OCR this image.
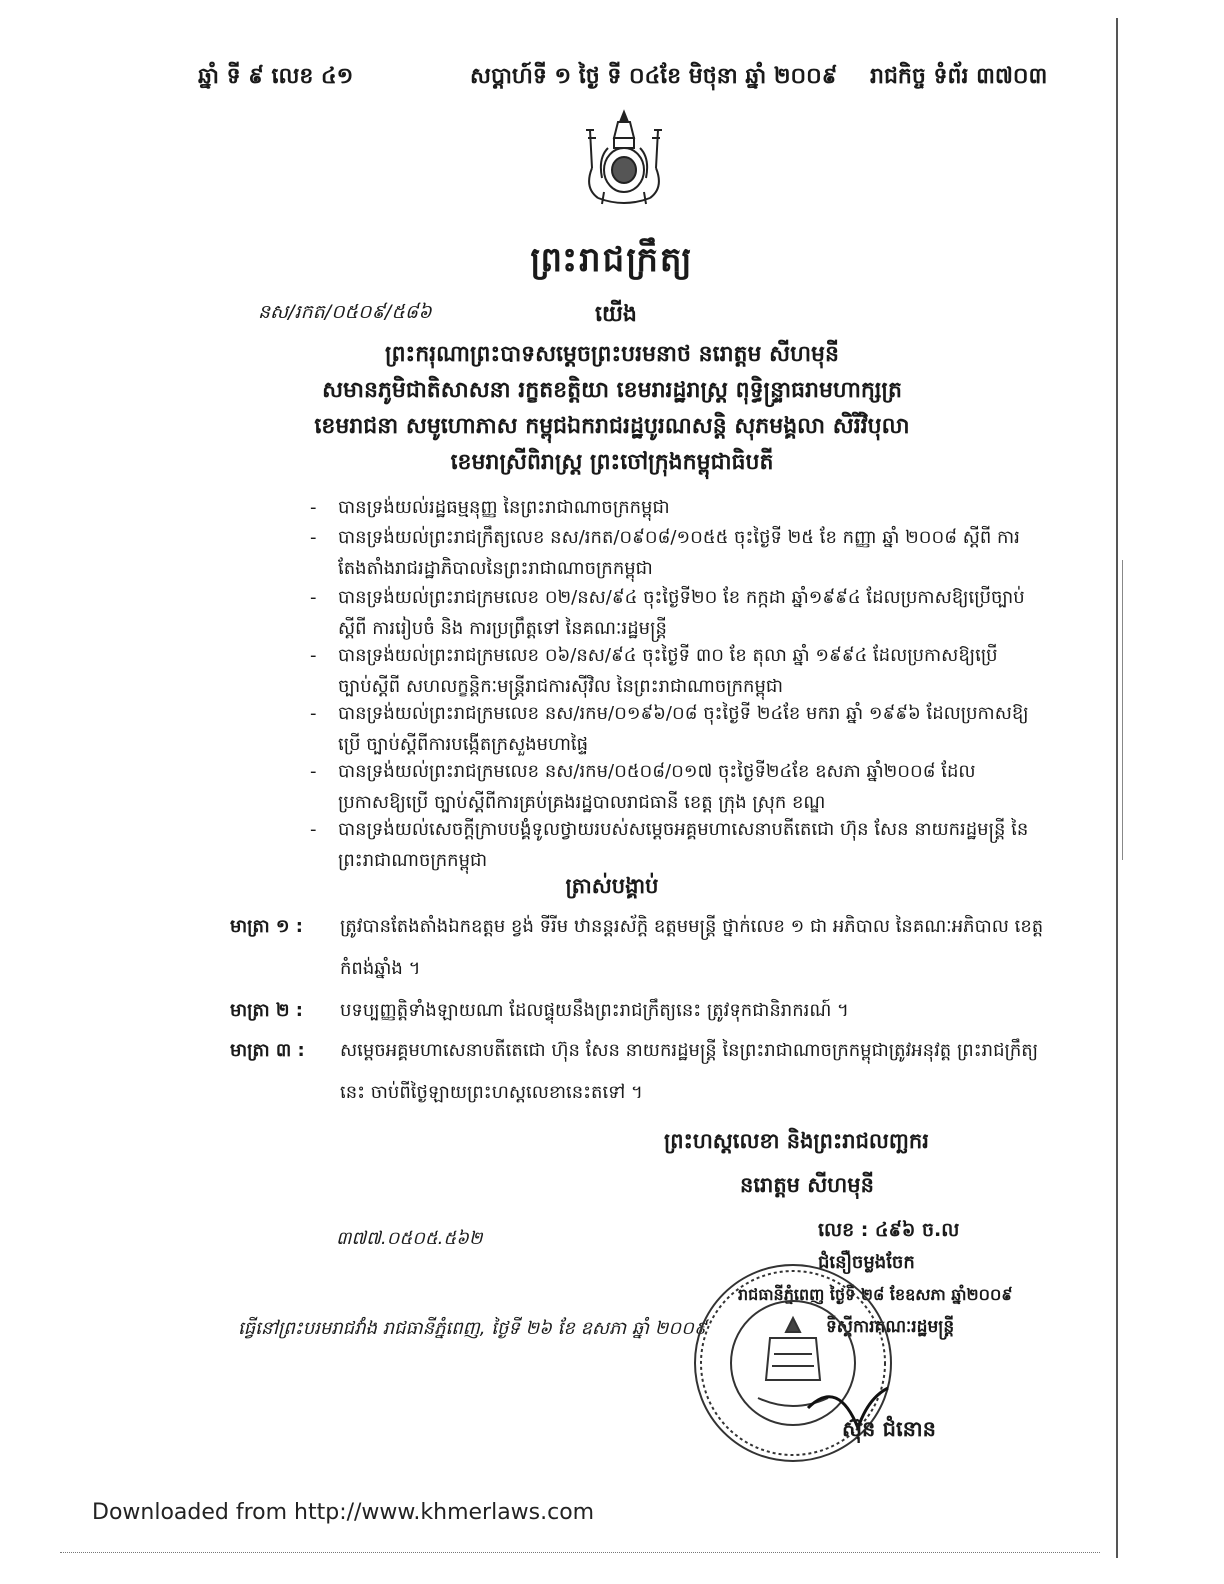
ឆ្នាំ ទី ៩ លេខ ៤១	សប្តាហ៍ទី ១ ថ្ងៃ ទី ០៤ខែ មិថុនា ឆ្នាំ ២០០៩ រាជកិច្ច ទំព័រ ៣៧០៣
ព្រះរាជក្រឹត្យ
នស/រកត/០៥០៩/៥៨៦	យើង
ព្រះករុណាព្រះបាទសម្តេចព្រះបរមនាថ នរោត្តម សីហមុនី
សមានភូមិជាតិសាសនា រក្ខតខត្តិយា ខេមរារដ្ឋរាស្ត្រ ពុទ្ធិន្ទ្រាធរាមហាក្សត្រ
ខេមរាជនា សមូហោភាស កម្ពុជឯករាជរដ្ឋបូរណសន្តិ សុភមង្គលា សិរីវិបុលា
ខេមរាស្រីពិរាស្ត្រ ព្រះចៅក្រុងកម្ពុជាធិបតី
-	បានទ្រង់យល់រដ្ឋធម្មនុញ្ញ នៃព្រះរាជាណាចក្រកម្ពុជា
-	បានទ្រង់យល់ព្រះរាជក្រឹត្យលេខ នស/រកត/០៩០៨/១០៥៥ ចុះថ្ងៃទី ២៥ ខែ កញ្ញា ឆ្នាំ ២០០៨ ស្តីពី ការតែងតាំងរាជរដ្ឋាភិបាលនៃព្រះរាជាណាចក្រកម្ពុជា
-	បានទ្រង់យល់ព្រះរាជក្រមលេខ ០២/នស/៩៤ ចុះថ្ងៃទី២០ ខែ កក្កដា ឆ្នាំ១៩៩៤ ដែលប្រកាសឱ្យប្រើច្បាប់ស្តីពី ការរៀបចំ និង ការប្រព្រឹត្តទៅ នៃគណៈរដ្ឋមន្ត្រី
-	បានទ្រង់យល់ព្រះរាជក្រមលេខ ០៦/នស/៩៤ ចុះថ្ងៃទី ៣០ ខែ តុលា ឆ្នាំ ១៩៩៤ ដែលប្រកាសឱ្យប្រើច្បាប់ស្តីពី សហលក្ខន្តិកៈមន្ត្រីរាជការស៊ីវិល នៃព្រះរាជាណាចក្រកម្ពុជា
-	បានទ្រង់យល់ព្រះរាជក្រមលេខ នស/រកម/០១៩៦/០៨ ចុះថ្ងៃទី ២៤ខែ មករា ឆ្នាំ ១៩៩៦ ដែលប្រកាសឱ្យប្រើ ច្បាប់ស្តីពីការបង្កើតក្រសួងមហាផ្ទៃ
-	បានទ្រង់យល់ព្រះរាជក្រមលេខ នស/រកម/០៥០៨/០១៧ ចុះថ្ងៃទី២៤ខែ ឧសភា ឆ្នាំ២០០៨ ដែលប្រកាសឱ្យប្រើ ច្បាប់ស្តីពីការគ្រប់គ្រងរដ្ឋបាលរាជធានី ខេត្ត ក្រុង ស្រុក ខណ្ឌ
-	បានទ្រង់យល់សេចក្តីក្រាបបង្គំទូលថ្វាយរបស់សម្តេចអគ្គមហាសេនាបតីតេជោ ហ៊ុន សែន នាយករដ្ឋមន្ត្រី នៃព្រះរាជាណាចក្រកម្ពុជា
ត្រាស់បង្គាប់
មាត្រា ១ :	ត្រូវបានតែងតាំងឯកឧត្តម ខ្វង់ ទីរីម ឋានន្តរស័ក្តិ ឧត្តមមន្ត្រី ថ្នាក់លេខ ១ ជា អភិបាល នៃគណៈអភិបាល ខេត្តកំពង់ឆ្នាំង ។
មាត្រា ២ :	បទប្បញ្ញត្តិទាំងឡាយណា ដែលផ្ទុយនឹងព្រះរាជក្រឹត្យនេះ ត្រូវទុកជានិរាករណ៍ ។
មាត្រា ៣ :	សម្តេចអគ្គមហាសេនាបតីតេជោ ហ៊ុន សែន នាយករដ្ឋមន្ត្រី នៃព្រះរាជាណាចក្រកម្ពុជាត្រូវអនុវត្ត ព្រះរាជក្រឹត្យនេះ ចាប់ពីថ្ងៃឡាយព្រះហស្តលេខានេះតទៅ ។
ព្រះហស្តលេខា និងព្រះរាជលញ្ឆករ
នរោត្តម សីហមុនី
៣៧៧.០៥០៥.៥៦២	លេខ : ៤៩៦ ច.ល
ជំនឿចម្លងចែក
រាជធានីភ្នំពេញ ថ្ងៃទី ២៨ ខែឧសភា ឆ្នាំ២០០៩
ធ្វើនៅព្រះបរមរាជវាំង រាជធានីភ្នំពេញ, ថ្ងៃទី ២៦ ខែ ឧសភា ឆ្នាំ ២០០៩	ទីស្តីការគណៈរដ្ឋមន្ត្រី
ស៊ុន ជំនោន
Downloaded from http://www.khmerlaws.com
